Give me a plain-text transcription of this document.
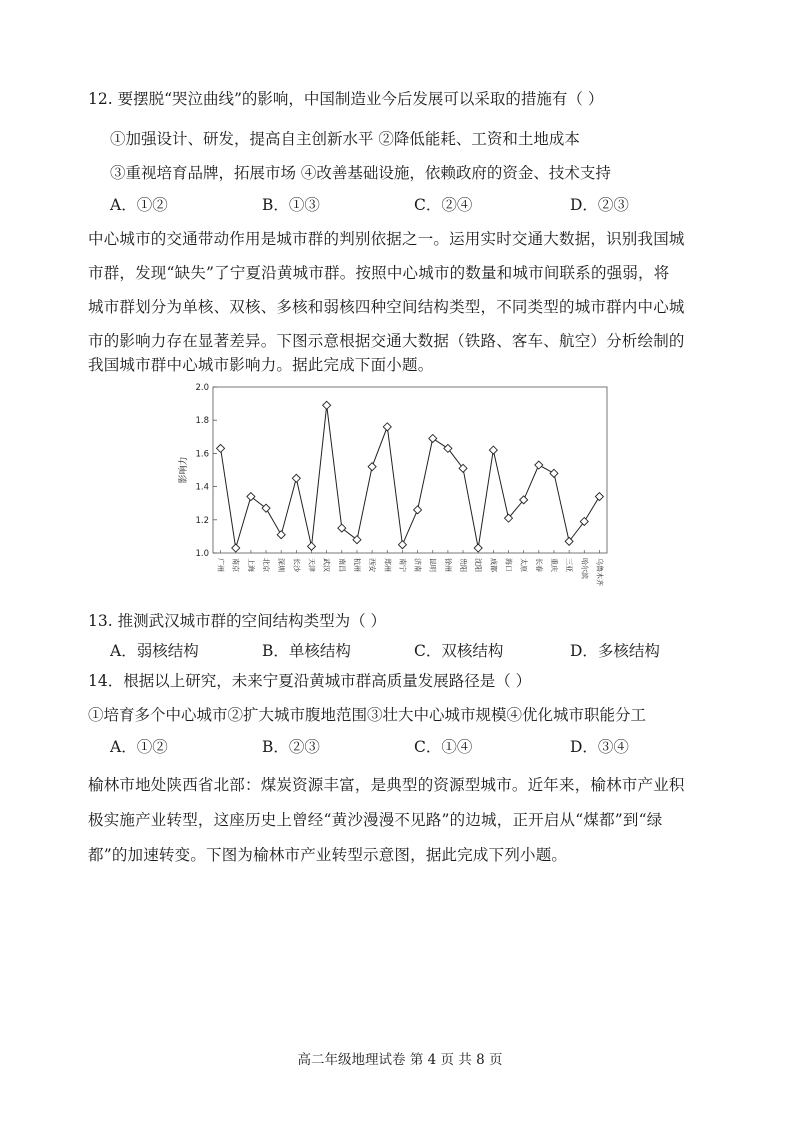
12. 要摆脱“哭泣曲线”的影响，中国制造业今后发展可以采取的措施有（ ）
①加强设计、研发，提高自主创新水平 ②降低能耗、工资和土地成本
③重视培育品牌，拓展市场 ④改善基础设施，依赖政府的资金、技术支持
A．①②	B．①③	C．②④	D．②③
中心城市的交通带动作用是城市群的判别依据之一。运用实时交通大数据，识别我国城
市群，发现“缺失”了宁夏沿黄城市群。按照中心城市的数量和城市间联系的强弱，将
城市群划分为单核、双核、多核和弱核四种空间结构类型，不同类型的城市群内中心城
市的影响力存在显著差异。下图示意根据交通大数据（铁路、客车、航空）分析绘制的
我国城市群中心城市影响力。据此完成下面小题。
影响力
1.0
1.2
1.4
1.6
1.8
2.0
广州 南京 上海 北京 深圳 长沙 天津 武汉 南昌 杭州 西安 郑州 南宁 济南 昆明 徐州 贵阳 沈阳 成都 海口 太原 长春 重庆 三亚 哈尔滨 乌鲁木齐
13. 推测武汉城市群的空间结构类型为（ ）
A．弱核结构	B．单核结构	C．双核结构	D．多核结构
14．根据以上研究，未来宁夏沿黄城市群高质量发展路径是（ ）
①培育多个中心城市②扩大城市腹地范围③壮大中心城市规模④优化城市职能分工
A．①②	B．②③	C．①④	D．③④
榆林市地处陕西省北部：煤炭资源丰富，是典型的资源型城市。近年来，榆林市产业积
极实施产业转型，这座历史上曾经“黄沙漫漫不见路”的边城，正开启从“煤都”到“绿
都”的加速转变。下图为榆林市产业转型示意图，据此完成下列小题。
高二年级地理试卷 第 4 页 共 8 页
